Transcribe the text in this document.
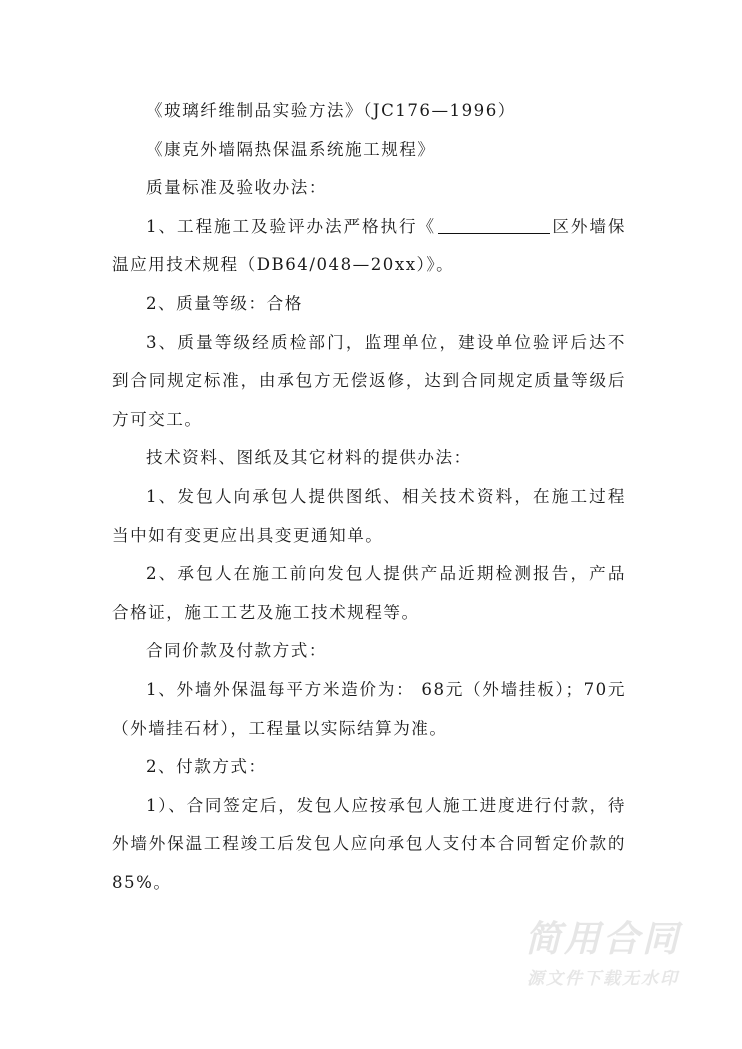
《玻璃纤维制品实验方法》（JC176—1996）

《康克外墙隔热保温系统施工规程》

质量标准及验收办法：

1、工程施工及验评办法严格执行《	区外墙保温应用技术规程（DB64/048—20xx）》。

2、质量等级：合格

3、质量等级经质检部门，监理单位，建设单位验评后达不到合同规定标准，由承包方无偿返修，达到合同规定质量等级后方可交工。

技术资料、图纸及其它材料的提供办法：

1、发包人向承包人提供图纸、相关技术资料，在施工过程当中如有变更应出具变更通知单。

2、承包人在施工前向发包人提供产品近期检测报告，产品合格证，施工工艺及施工技术规程等。

合同价款及付款方式：

1、外墙外保温每平方米造价为： 68元（外墙挂板）；70元（外墙挂石材），工程量以实际结算为准。

2、付款方式：

1）、合同签定后，发包人应按承包人施工进度进行付款，待外墙外保温工程竣工后发包人应向承包人支付本合同暂定价款的85%。

简用合同
源文件下载无水印
